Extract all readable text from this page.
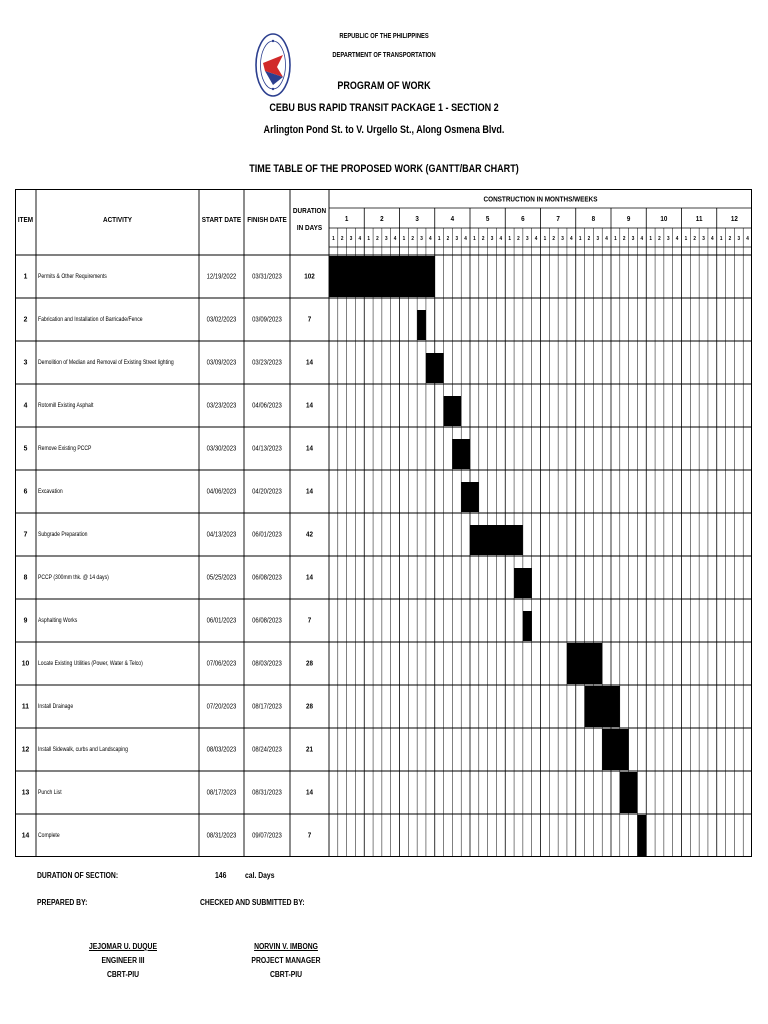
REPUBLIC OF THE PHILIPPINES
DEPARTMENT OF TRANSPORTATION
PROGRAM OF WORK
CEBU BUS RAPID TRANSIT PACKAGE 1 - SECTION 2
Arlington Pond St. to V. Urgello St., Along Osmena Blvd.
TIME TABLE OF THE PROPOSED WORK (GANTT/BAR CHART)
ITEM	ACTIVITY	START DATE FINISH DATE
DURATION
IN DAYS
CONSTRUCTION IN MONTHS/WEEKS
1	2	3	4	5	6	7	8	9	10	11	12
1 2 3 4 1 2 3 4 1 2 3 4 1 2 3 4 1 2 3 4 1 2 3 4 1 2 3 4 1 2 3 4 1 2 3 4 1 2 3 4 1 2 3 4 1 2 3 4
1 Permits & Other Requirements	12/19/2022 03/31/2023	102
2 Fabrication and Installation of Barricade/Fence	03/02/2023 03/09/2023	7
3 Demolition of Median and Removal of Existing Street lighting	03/09/2023 03/23/2023	14
4 Rotomill Existing Asphalt	03/23/2023 04/06/2023	14
5 Remove Existing PCCP	03/30/2023 04/13/2023	14
6 Excavation	04/06/2023 04/20/2023	14
7 Subgrade Preparation	04/13/2023 06/01/2023	42
8 PCCP (300mm thk. @ 14 days)	05/25/2023 06/08/2023	14
9 Asphalting Works	06/01/2023 06/08/2023	7
10 Locate Existing Utilities (Power, Water & Telco)	07/06/2023 08/03/2023	28
11 Install Drainage	07/20/2023 08/17/2023	28
12 Install Sidewalk, curbs and Landscaping	08/03/2023 08/24/2023	21
13 Punch List	08/17/2023 08/31/2023	14
14 Complete	08/31/2023 09/07/2023	7
DURATION OF SECTION:	146 cal. Days
PREPARED BY:	CHECKED AND SUBMITTED BY:
JEJOMAR U. DUQUE
ENGINEER III
CBRT-PIU
NORVIN V. IMBONG
PROJECT MANAGER
CBRT-PIU
